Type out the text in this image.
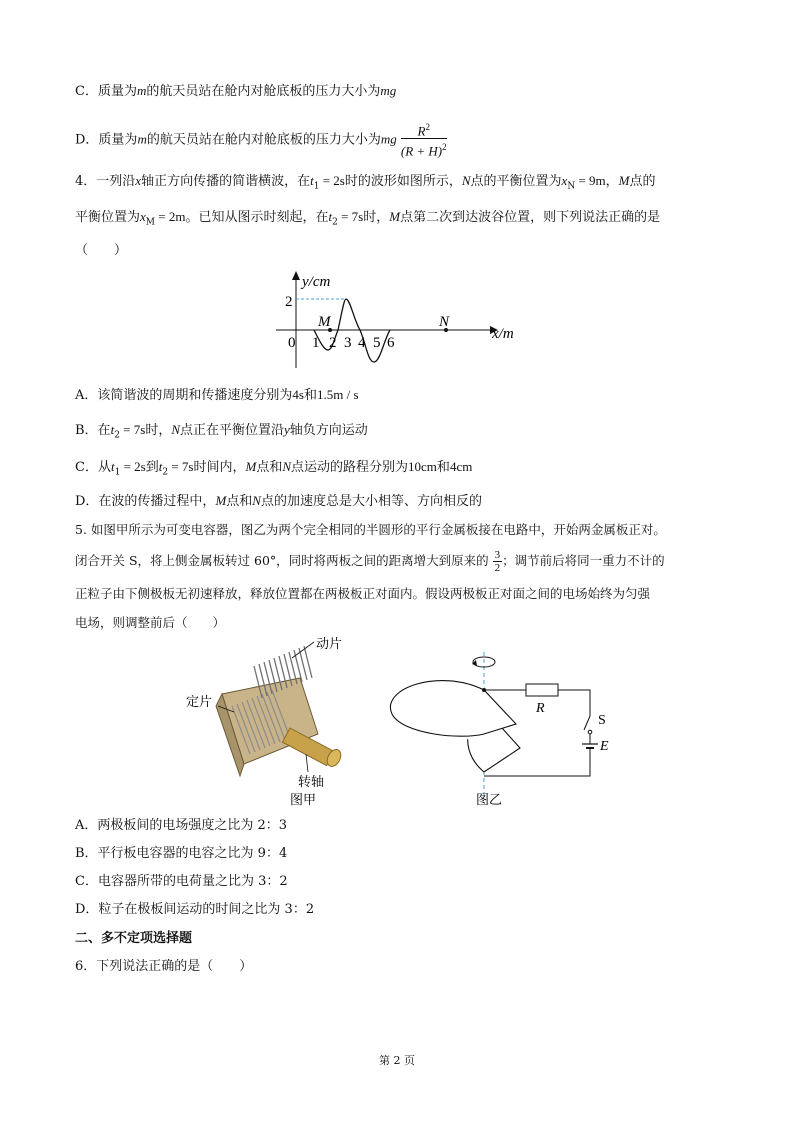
C．质量为m的航天员站在舱内对舱底板的压力大小为mg
D．质量为m的航天员站在舱内对舱底板的压力大小为mg $\frac{R^2}{(R + H)^2}$
4．一列沿x轴正方向传播的简谐横波，在$t_1 = 2s$时的波形如图所示，N点的平衡位置为$x_N = 9m$，M点的
平衡位置为$x_M = 2m$。已知从图示时刻起，在$t_2 = 7s$时，M点第二次到达波谷位置，则下列说法正确的是
（　　）
y/cm
x/m
2
0 1 2 3 4 5 6
M	N
A．该简谐波的周期和传播速度分别为4s和1.5m / s
B．在$t_2 = 7s$时，N点正在平衡位置沿y轴负方向运动
C．从$t_1 = 2s$到$t_2 = 7s$时间内，M点和N点运动的路程分别为10cm和4cm
D．在波的传播过程中，M点和N点的加速度总是大小相等、方向相反的
5. 如图甲所示为可变电容器，图乙为两个完全相同的半圆形的平行金属板接在电路中，开始两金属板正对。
闭合开关 S，将上侧金属板转过 60°，同时将两板之间的距离增大到原来的 $\frac{3}{2}$ ；调节前后将同一重力不计的
正粒子由下侧极板无初速释放，释放位置都在两极板正对面内。假设两极板正对面之间的电场始终为匀强
电场，则调整前后（　　）
动片
定片
转轴
图甲
R
S
E
图乙
A．两极板间的电场强度之比为 2：3
B．平行板电容器的电容之比为 9：4
C．电容器所带的电荷量之比为 3：2
D．粒子在极板间运动的时间之比为 3：2
二、多不定项选择题
6．下列说法正确的是（　　）
第 2 页
